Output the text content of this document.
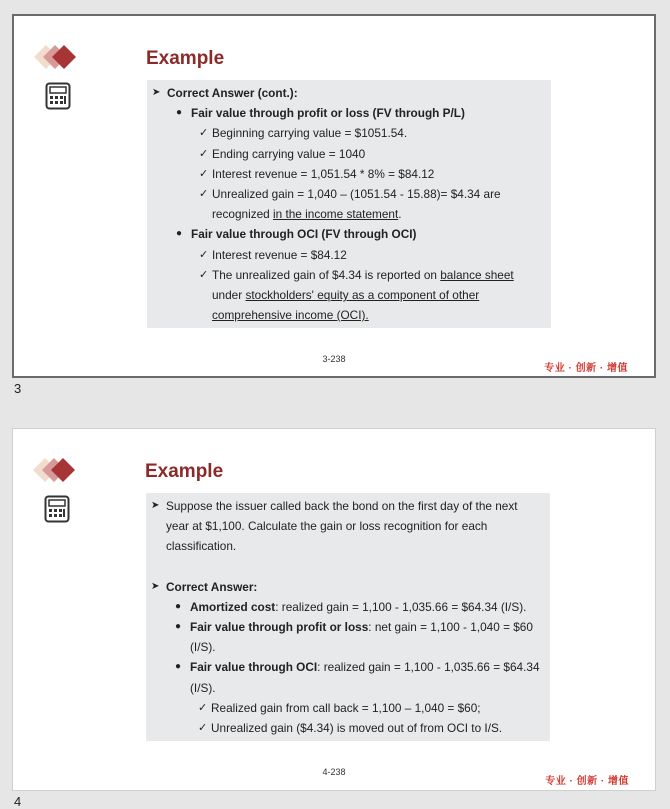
Example
➤ Correct Answer (cont.):
● Fair value through profit or loss (FV through P/L)
✓ Beginning carrying value = $1051.54.
✓ Ending carrying value = 1040
✓ Interest revenue = 1,051.54 * 8% = $84.12
✓ Unrealized gain = 1,040 – (1051.54 - 15.88)= $4.34 are
recognized in the income statement.
● Fair value through OCI (FV through OCI)
✓ Interest revenue = $84.12
✓ The unrealized gain of $4.34 is reported on balance sheet
under stockholders' equity as a component of other
comprehensive income (OCI).
3-238
专业 · 创新 · 增值
3
Example
➤ Suppose the issuer called back the bond on the first day of the next
year at $1,100. Calculate the gain or loss recognition for each
classification.
➤ Correct Answer:
● Amortized cost: realized gain = 1,100 - 1,035.66 = $64.34 (I/S).
● Fair value through profit or loss: net gain = 1,100 - 1,040 = $60
(I/S).
● Fair value through OCI: realized gain = 1,100 - 1,035.66 = $64.34
(I/S).
✓ Realized gain from call back = 1,100 – 1,040 = $60;
✓ Unrealized gain ($4.34) is moved out of from OCI to I/S.
4-238
专业 · 创新 · 增值
4
